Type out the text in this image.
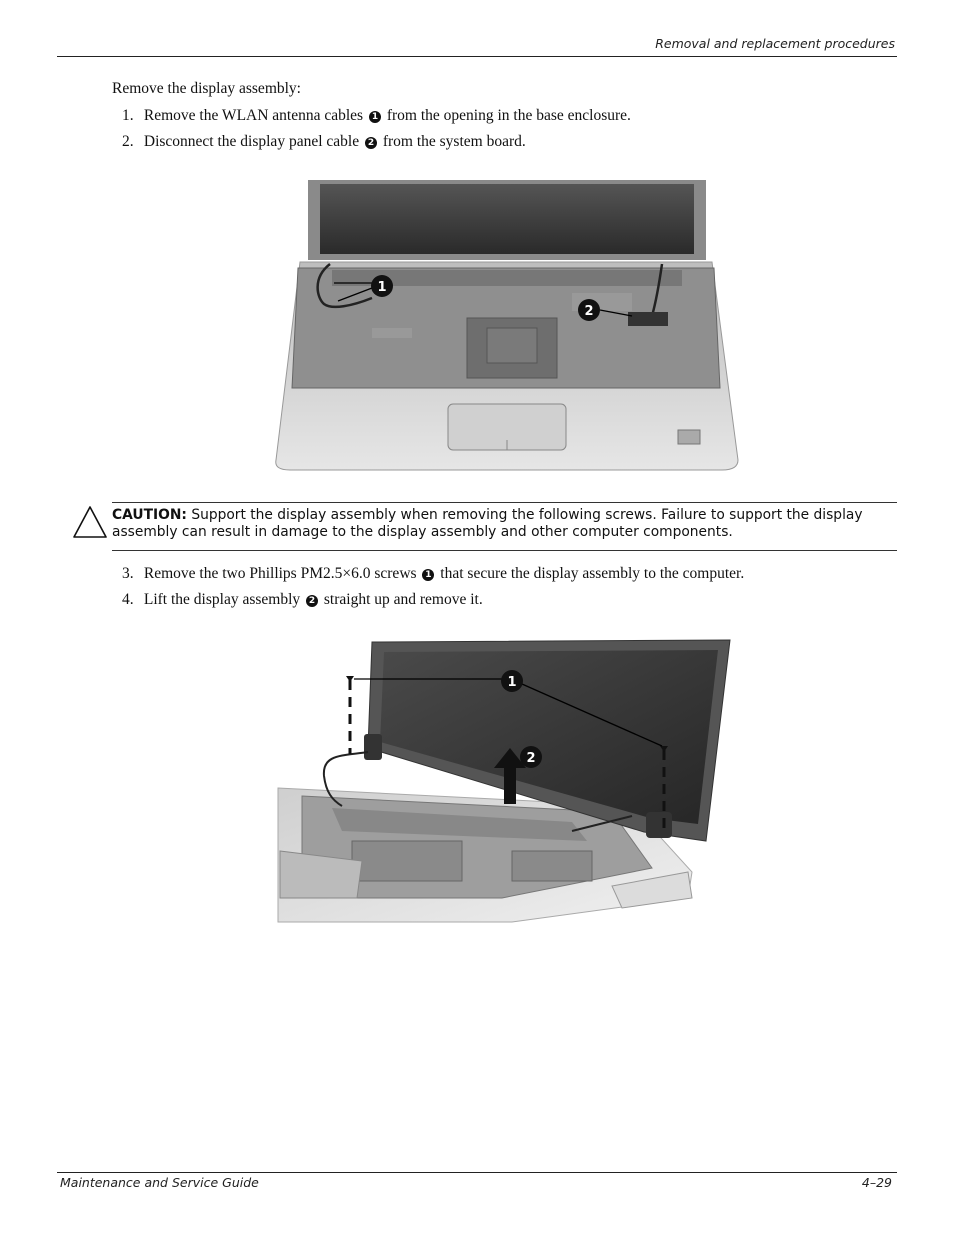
Removal and replacement procedures
Remove the display assembly:
1. Remove the WLAN antenna cables 1 from the opening in the base enclosure.
2. Disconnect the display panel cable 2 from the system board.
1
2
CAUTION: Support the display assembly when removing the following screws. Failure to support the display assembly can result in damage to the display assembly and other computer components.
3. Remove the two Phillips PM2.5×6.0 screws 1 that secure the display assembly to the computer.
4. Lift the display assembly 2 straight up and remove it.
1
2
Maintenance and Service Guide	4–29
